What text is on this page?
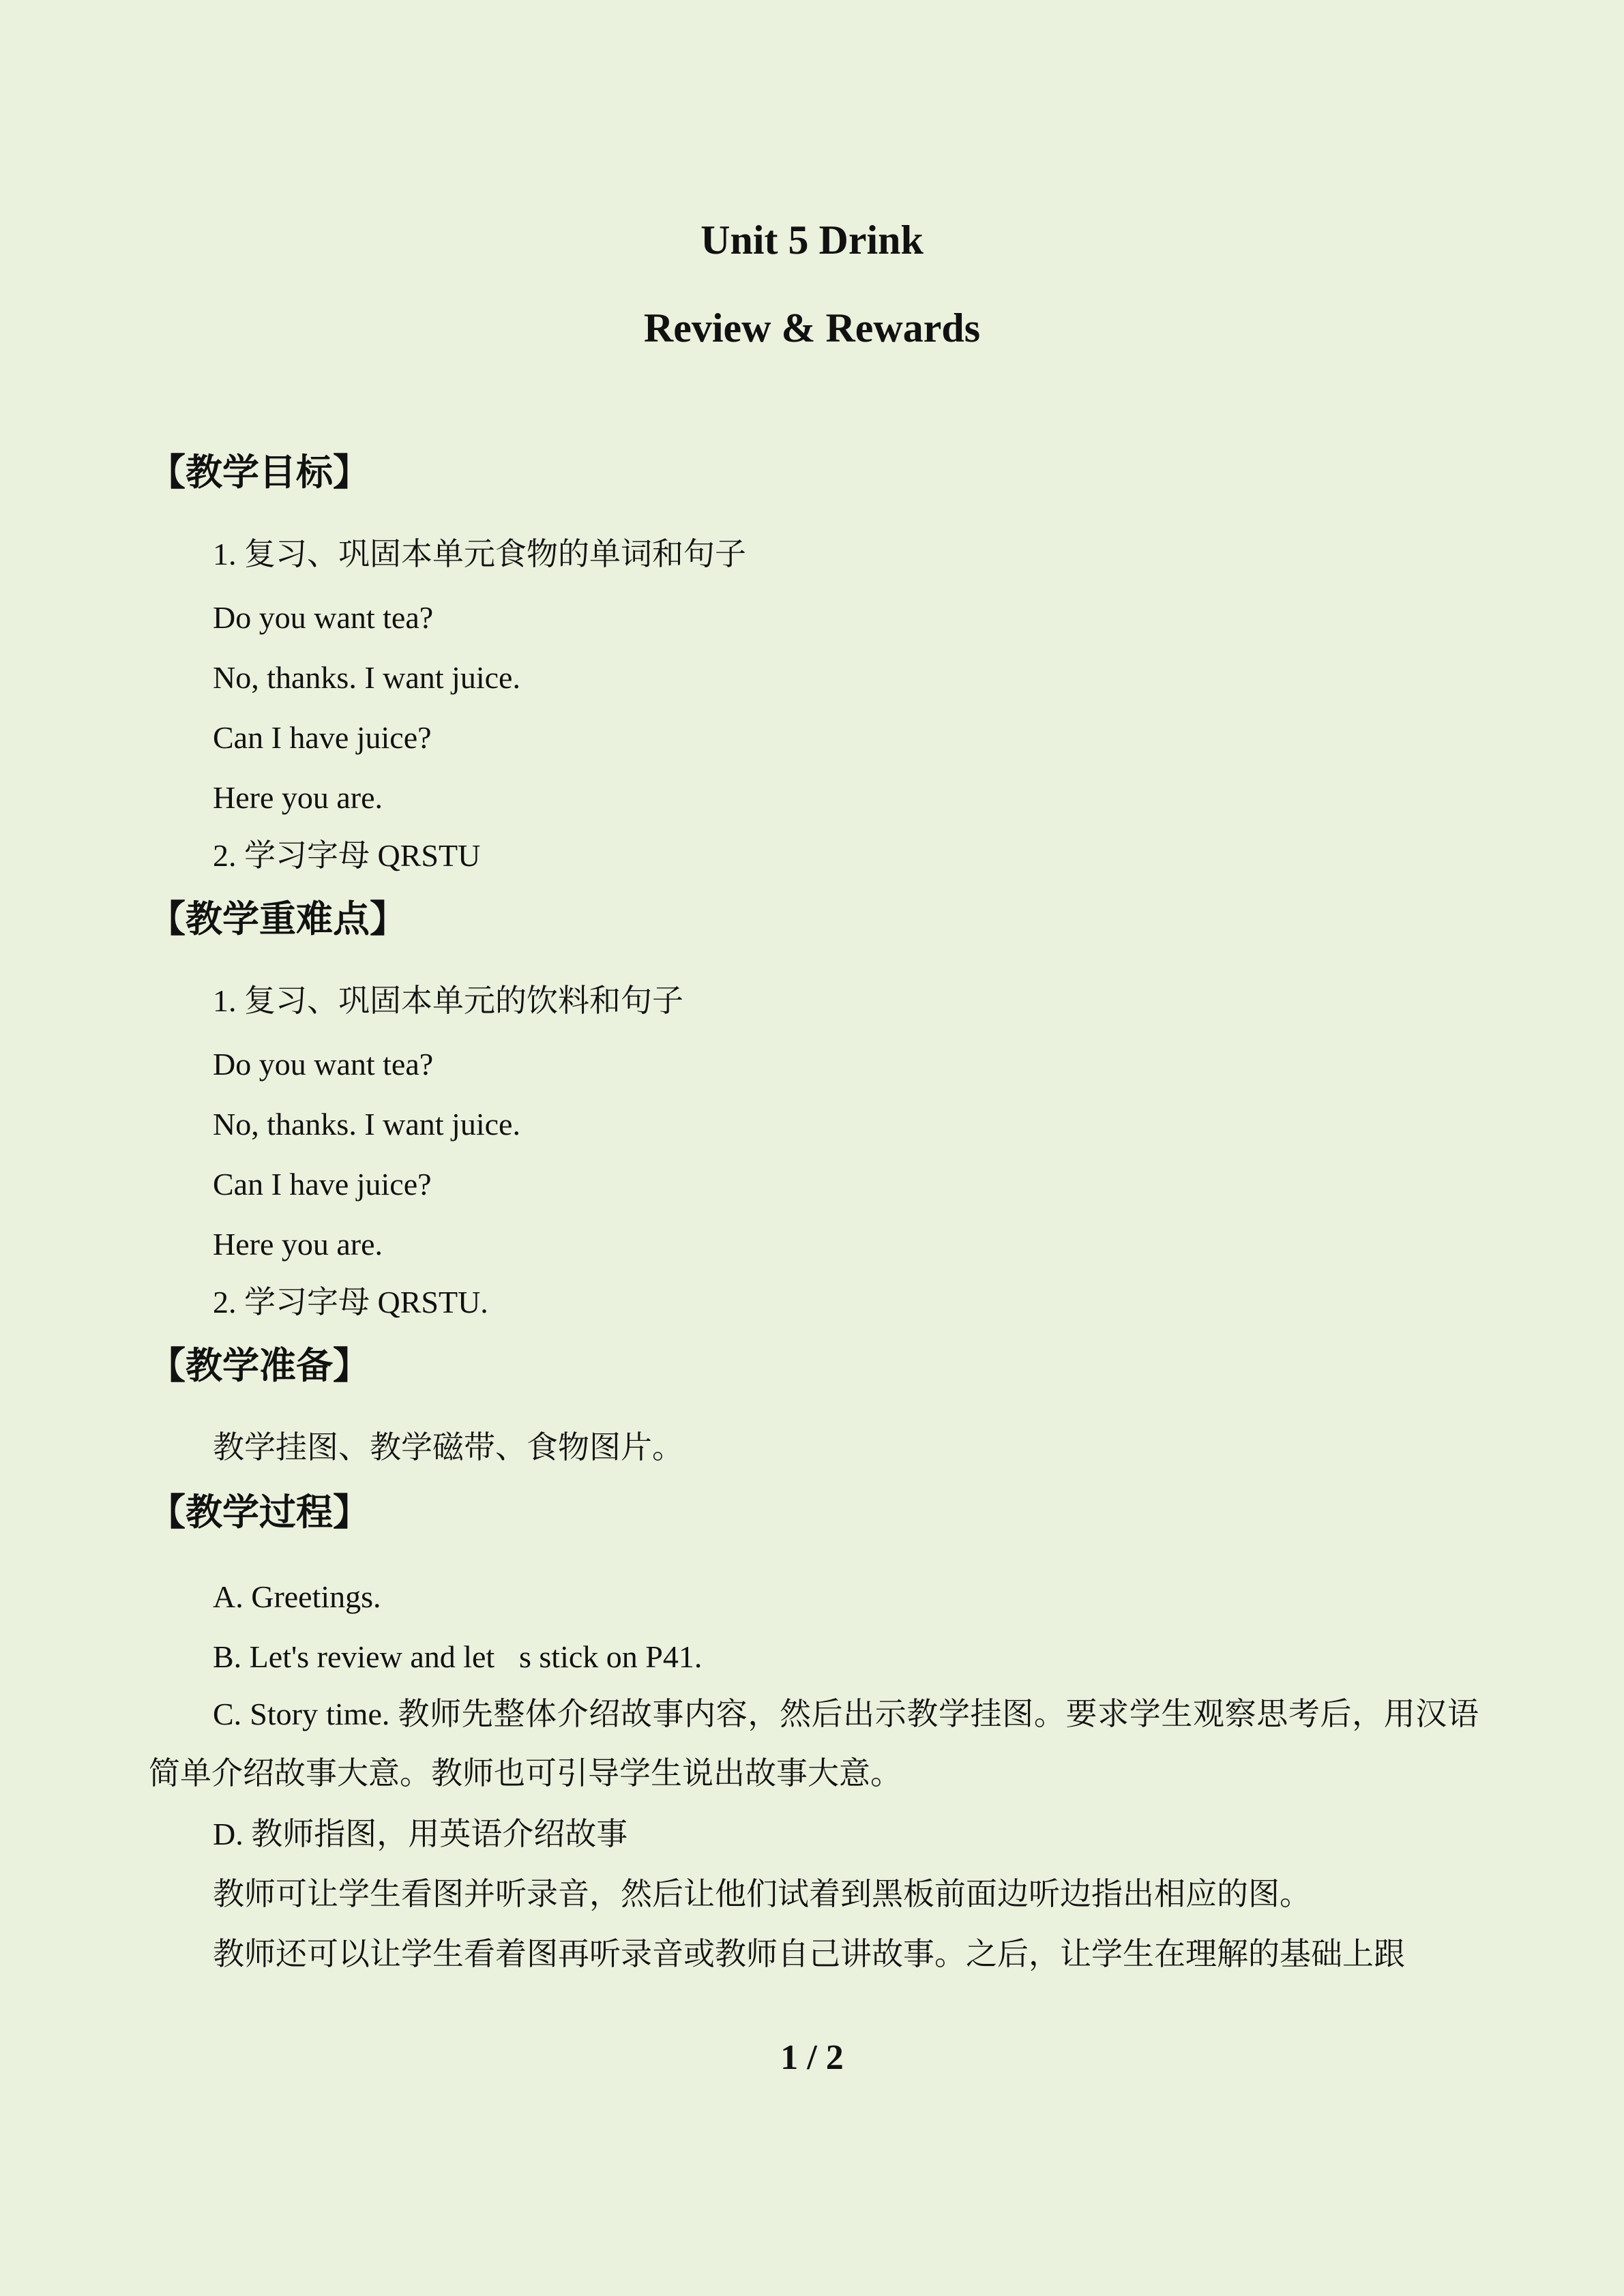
Unit 5 Drink
Review & Rewards
【教学目标】
1. 复习、巩固本单元食物的单词和句子
Do you want tea?
No, thanks. I want juice.
Can I have juice?
Here you are.
2. 学习字母 QRSTU
【教学重难点】
1. 复习、巩固本单元的饮料和句子
Do you want tea?
No, thanks. I want juice.
Can I have juice?
Here you are.
2. 学习字母 QRSTU.
【教学准备】
教学挂图、教学磁带、食物图片。
【教学过程】
A. Greetings.
B. Let's review and let s stick on P41.
C. Story time. 教师先整体介绍故事内容，然后出示教学挂图。要求学生观察思考后，用汉语简单介绍故事大意。教师也可引导学生说出故事大意。
D. 教师指图，用英语介绍故事
教师可让学生看图并听录音，然后让他们试着到黑板前面边听边指出相应的图。
教师还可以让学生看着图再听录音或教师自己讲故事。之后，让学生在理解的基础上跟
1 / 2
